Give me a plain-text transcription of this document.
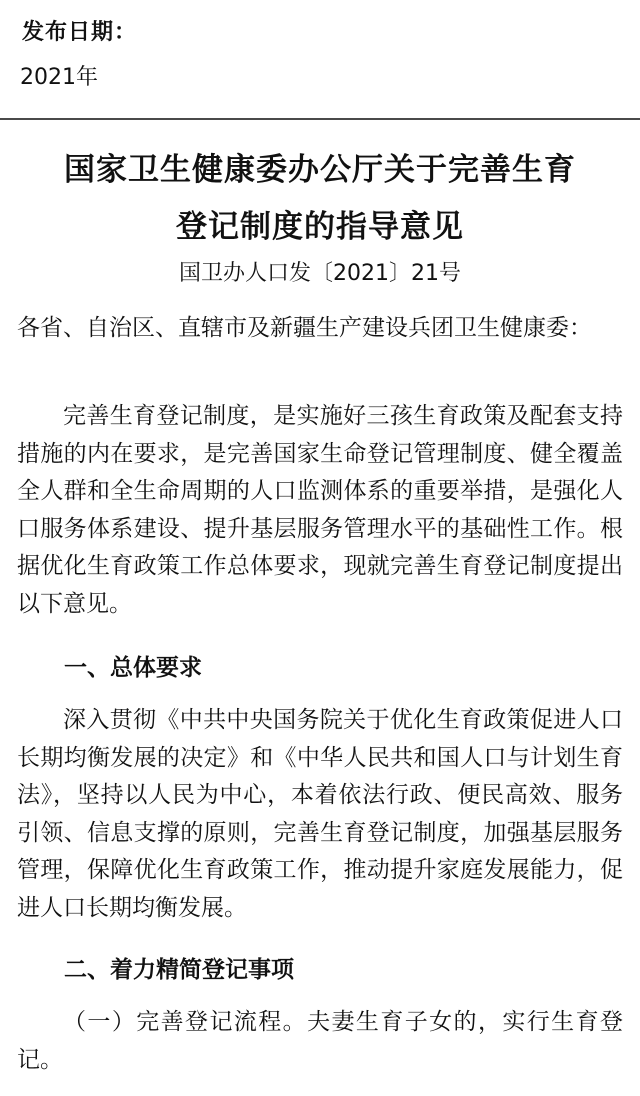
发布日期：
2021年
国家卫生健康委办公厅关于完善生育
登记制度的指导意见
国卫办人口发〔2021〕21号
各省、自治区、直辖市及新疆生产建设兵团卫生健康委：
完善生育登记制度，是实施好三孩生育政策及配套支持措施的内在要求，是完善国家生命登记管理制度、健全覆盖全人群和全生命周期的人口监测体系的重要举措，是强化人口服务体系建设、提升基层服务管理水平的基础性工作。根据优化生育政策工作总体要求，现就完善生育登记制度提出以下意见。
一、总体要求
深入贯彻《中共中央国务院关于优化生育政策促进人口长期均衡发展的决定》和《中华人民共和国人口与计划生育法》，坚持以人民为中心，本着依法行政、便民高效、服务引领、信息支撑的原则，完善生育登记制度，加强基层服务管理，保障优化生育政策工作，推动提升家庭发展能力，促进人口长期均衡发展。
二、着力精简登记事项
（一）完善登记流程。夫妻生育子女的，实行生育登记。
